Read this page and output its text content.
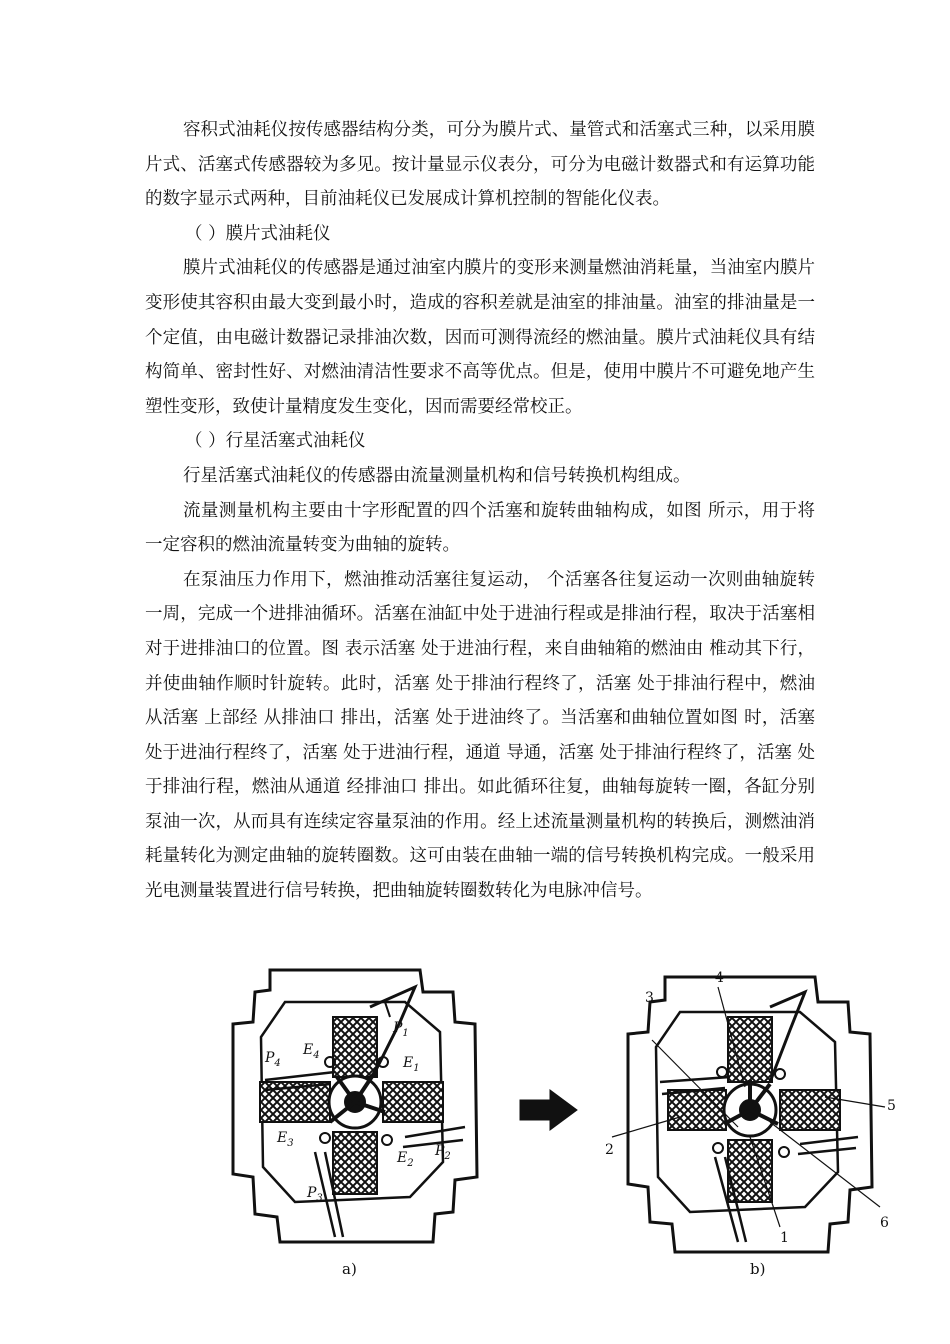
容积式油耗仪按传感器结构分类，可分为膜片式、量管式和活塞式三种，以采用膜片式、活塞式传感器较为多见。按计量显示仪表分，可分为电磁计数器式和有运算功能的数字显示式两种，目前油耗仪已发展成计算机控制的智能化仪表。

（ ）膜片式油耗仪

膜片式油耗仪的传感器是通过油室内膜片的变形来测量燃油消耗量，当油室内膜片变形使其容积由最大变到最小时，造成的容积差就是油室的排油量。油室的排油量是一个定值，由电磁计数器记录排油次数，因而可测得流经的燃油量。膜片式油耗仪具有结构简单、密封性好、对燃油清洁性要求不高等优点。但是，使用中膜片不可避免地产生塑性变形，致使计量精度发生变化，因而需要经常校正。

（ ）行星活塞式油耗仪

行星活塞式油耗仪的传感器由流量测量机构和信号转换机构组成。

流量测量机构主要由十字形配置的四个活塞和旋转曲轴构成，如图 所示，用于将一定容积的燃油流量转变为曲轴的旋转。

在泵油压力作用下，燃油推动活塞往复运动， 个活塞各往复运动一次则曲轴旋转一周，完成一个进排油循环。活塞在油缸中处于进油行程或是排油行程，取决于活塞相对于进排油口的位置。图 表示活塞 处于进油行程，来自曲轴箱的燃油由 椎动其下行，并使曲轴作顺时针旋转。此时，活塞 处于排油行程终了，活塞 处于排油行程中，燃油从活塞 上部经 从排油口 排出，活塞 处于进油终了。当活塞和曲轴位置如图 时，活塞 处于进油行程终了，活塞 处于进油行程，通道 导通，活塞 处于排油行程终了，活塞 处于排油行程，燃油从通道 经排油口 排出。如此循环往复，曲轴每旋转一圈，各缸分别泵油一次，从而具有连续定容量泵油的作用。经上述流量测量机构的转换后，测燃油消耗量转化为测定曲轴的旋转圈数。这可由装在曲轴一端的信号转换机构完成。一般采用光电测量装置进行信号转换，把曲轴旋转圈数转化为电脉冲信号。

$P_1$
$E_4$	$E_1$
$P_4$
$E_3$
$E_2$
$P_2$
$P_3$
4
3
5
2
6
1
a)	b)
